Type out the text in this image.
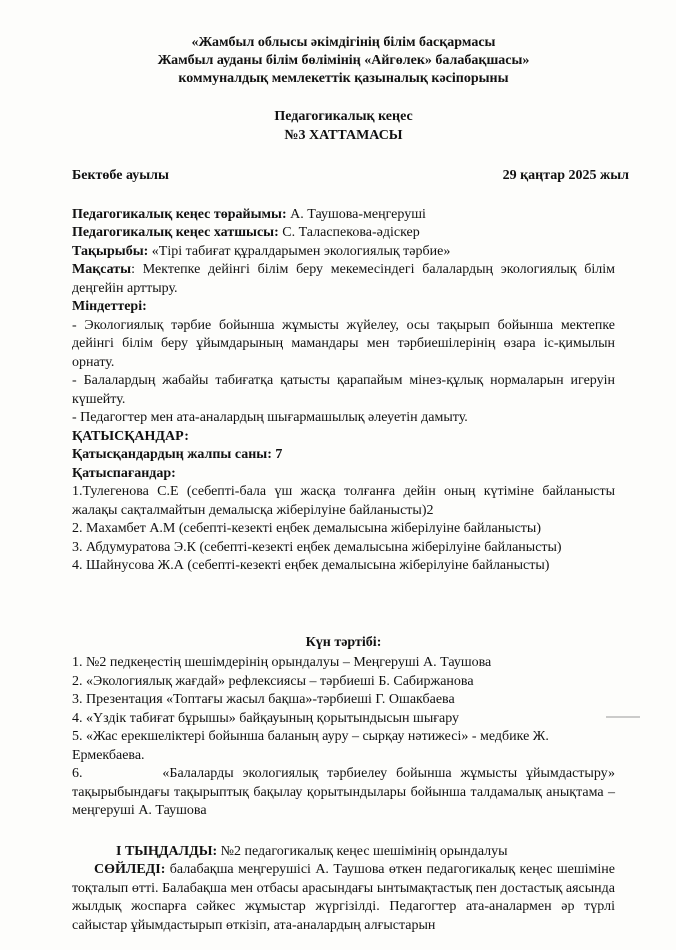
«Жамбыл облысы әкімдігінің білім басқармасы

Жамбыл ауданы білім бөлімінің «Айгөлек» балабақшасы»

коммуналдық мемлекеттік қазыналық кәсіпорыны

Педагогикалық кеңес

№3 ХАТТАМАСЫ

Бектөбе ауылы	29 қаңтар 2025 жыл

Педагогикалық кеңес төрайымы: А. Таушова-меңгеруші

Педагогикалық кеңес хатшысы: С. Таласпекова-әдіскер

Тақырыбы: «Тірі табиғат құралдарымен экологиялық тәрбие»

Мақсаты: Мектепке дейінгі білім беру мекемесіндегі балалардың экологиялық білім деңгейін арттыру.

Міндеттері:

- Экологиялық тәрбие бойынша жұмысты жүйелеу, осы тақырып бойынша мектепке дейінгі білім беру ұйымдарының мамандары мен тәрбиешілерінің өзара іс-қимылын орнату.

- Балалардың жабайы табиғатқа қатысты қарапайым мінез-құлық нормаларын игеруін күшейту.

- Педагогтер мен ата-аналардың шығармашылық әлеуетін дамыту.

ҚАТЫСҚАНДАР:

Қатысқандардың жалпы саны: 7

Қатыспағандар:

1.Тулегенова С.Е (себепті-бала үш жасқа толғанға дейін оның күтіміне байланысты жалақы сақталмайтын демалысқа жіберілуіне байланысты)2

2. Махамбет А.М (себепті-кезекті еңбек демалысына жіберілуіне байланысты)

3. Абдумуратова Э.К (себепті-кезекті еңбек демалысына жіберілуіне байланысты)

4. Шайнусова Ж.А (себепті-кезекті еңбек демалысына жіберілуіне байланысты)

Күн тәртібі:

1. №2 педкеңестің шешімдерінің орындалуы – Меңгеруші А. Таушова

2. «Экологиялық жағдай» рефлексиясы – тәрбиеші Б. Сабиржанова

3. Презентация «Топтағы жасыл бақша»-тәрбиеші Г. Ошакбаева

4. «Үздік табиғат бұрышы» байқауының қорытындысын шығару

5. «Жас ерекшеліктері бойынша баланың ауру – сырқау нәтижесі» - медбике Ж. Ермекбаева.

6.	«Балаларды экологиялық тәрбиелеу бойынша жұмысты ұйымдастыру» тақырыбындағы тақырыптық бақылау қорытындылары бойынша талдамалық анықтама – меңгеруші А. Таушова

І ТЫҢДАЛДЫ: №2 педагогикалық кеңес шешімінің орындалуы

СӨЙЛЕДІ: балабақша меңгерушісі А. Таушова өткен педагогикалық кеңес шешіміне тоқталып өтті. Балабақша мен отбасы арасындағы ынтымақтастық пен достастық аясында жылдық жоспарға сәйкес жұмыстар жүргізілді. Педагогтер ата-аналармен әр түрлі сайыстар ұйымдастырып өткізіп, ата-аналардың алғыстарын
